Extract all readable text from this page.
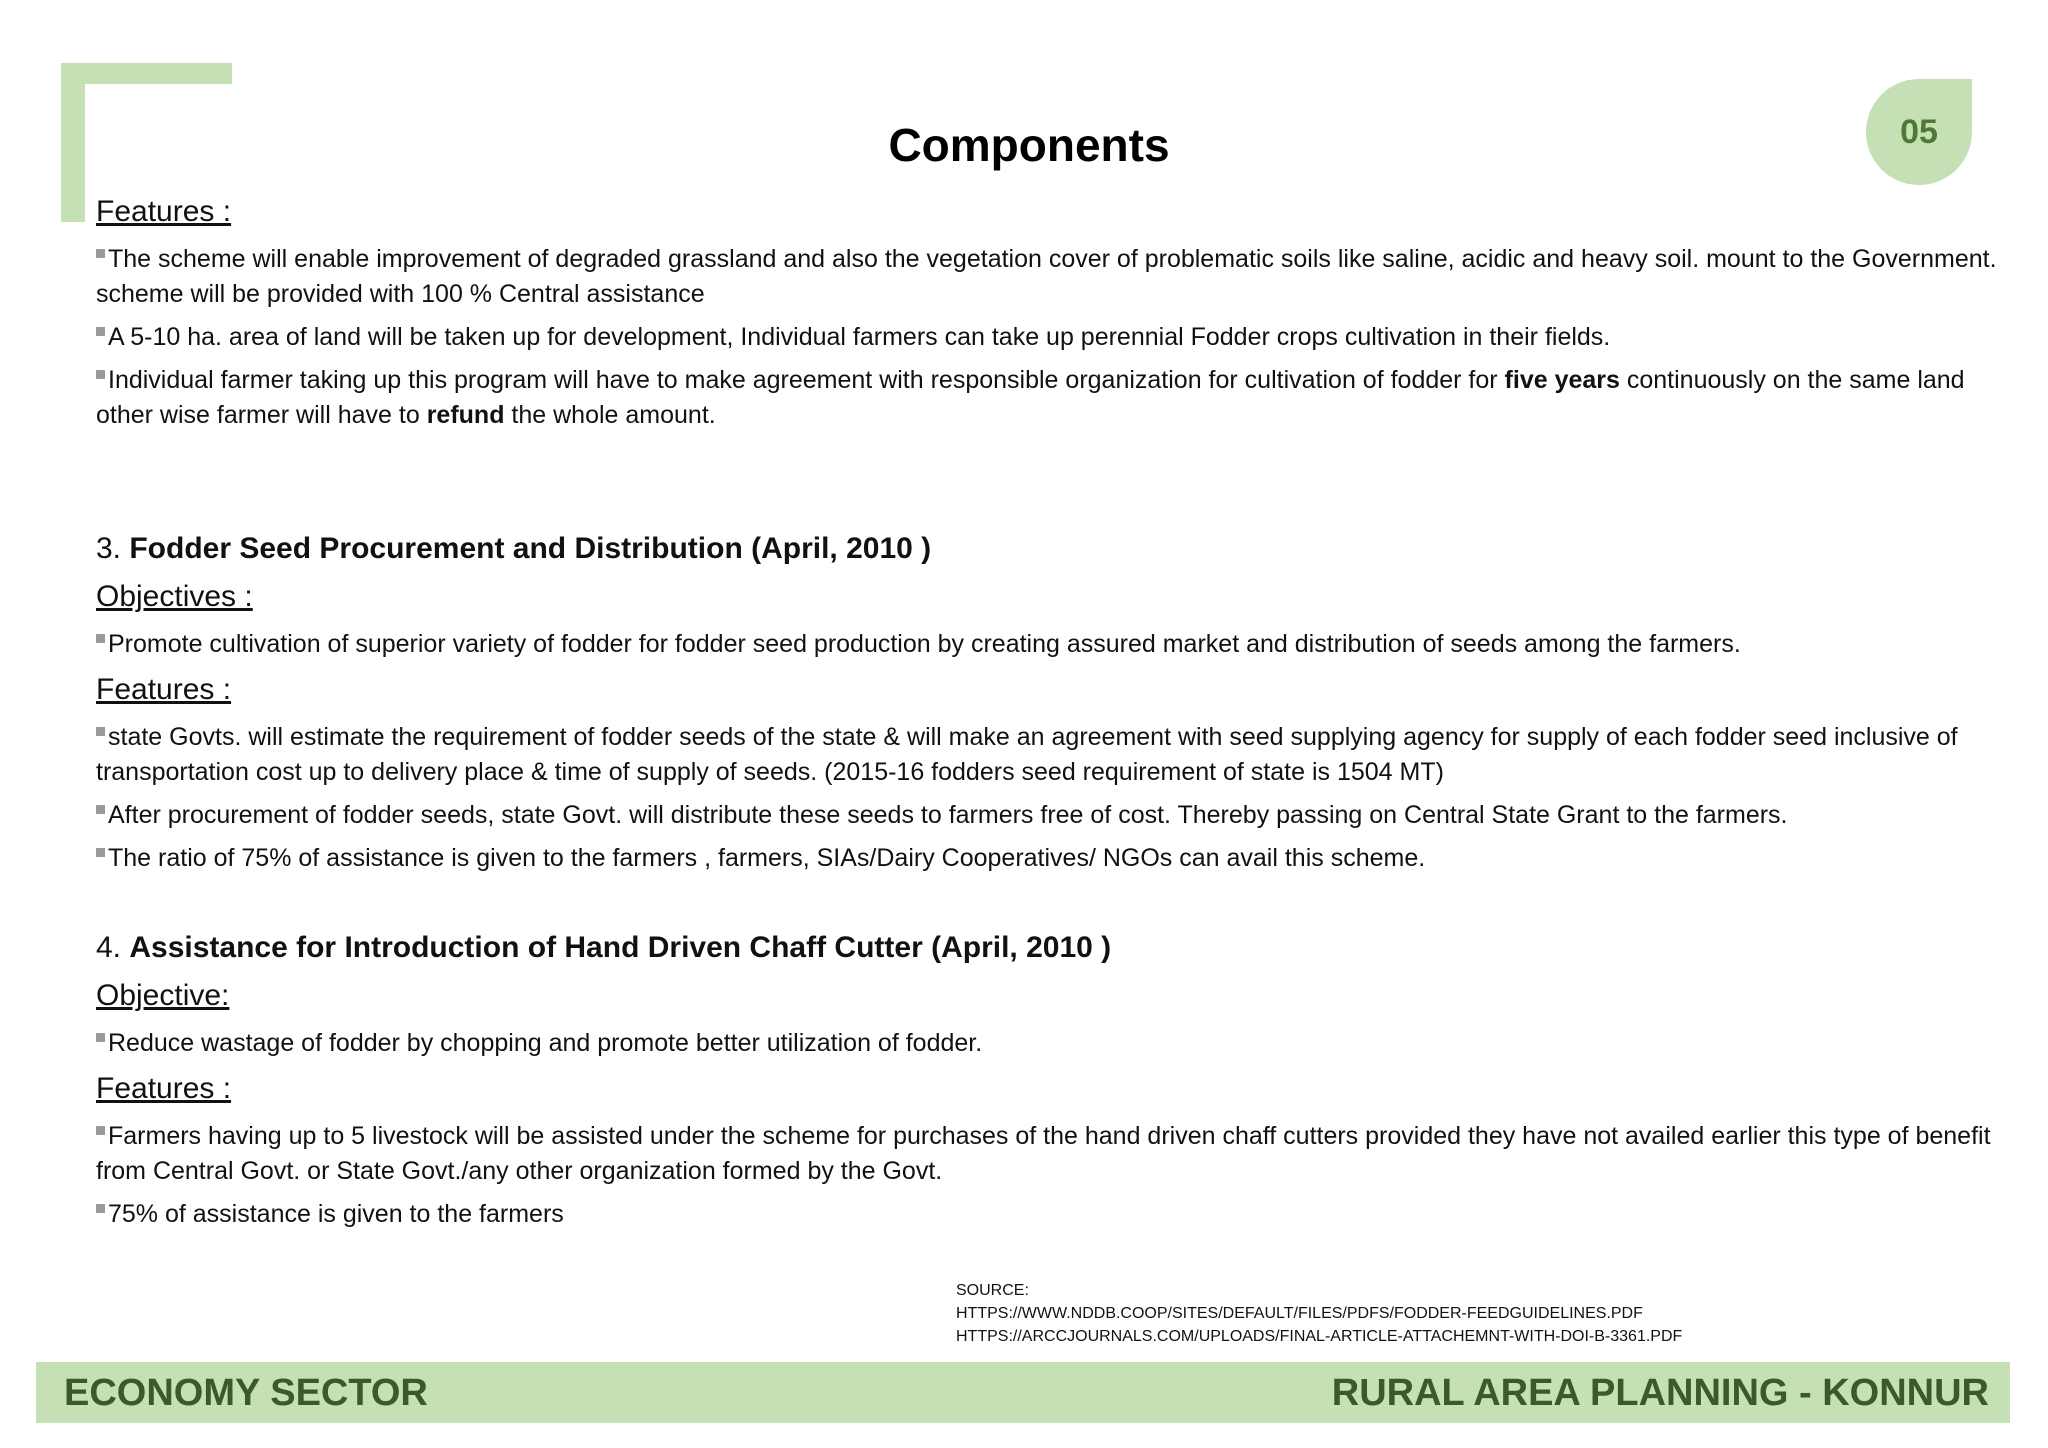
05
Components
Features :
The scheme will enable improvement of degraded grassland and also the vegetation cover of problematic soils like saline, acidic and heavy soil. mount to the Government. scheme will be provided with 100 % Central assistance
A 5-10 ha. area of land will be taken up for development, Individual farmers can take up perennial Fodder crops cultivation in their fields.
Individual farmer taking up this program will have to make agreement with responsible organization for cultivation of fodder for five years continuously on the same land other wise farmer will have to refund the whole amount.
3. Fodder Seed Procurement and Distribution (April, 2010 )
Objectives :
Promote cultivation of superior variety of fodder for fodder seed production by creating assured market and distribution of seeds among the farmers.
Features :
state Govts. will estimate the requirement of fodder seeds of the state & will make an agreement with seed supplying agency for supply of each fodder seed inclusive of transportation cost up to delivery place & time of supply of seeds. (2015-16 fodders seed requirement of state is 1504 MT)
After procurement of fodder seeds, state Govt. will distribute these seeds to farmers free of cost. Thereby passing on Central State Grant to the farmers.
The ratio of 75% of assistance is given to the farmers , farmers, SIAs/Dairy Cooperatives/ NGOs can avail this scheme.
4. Assistance for Introduction of Hand Driven Chaff Cutter (April, 2010 )
Objective:
Reduce wastage of fodder by chopping and promote better utilization of fodder.
Features :
Farmers having up to 5 livestock will be assisted under the scheme for purchases of the hand driven chaff cutters provided they have not availed earlier this type of benefit from Central Govt. or State Govt./any other organization formed by the Govt.
75% of assistance is given to the farmers
SOURCE:
HTTPS://WWW.NDDB.COOP/SITES/DEFAULT/FILES/PDFS/FODDER-FEEDGUIDELINES.PDF
HTTPS://ARCCJOURNALS.COM/UPLOADS/FINAL-ARTICLE-ATTACHEMNT-WITH-DOI-B-3361.PDF
ECONOMY SECTOR	RURAL AREA PLANNING - KONNUR
